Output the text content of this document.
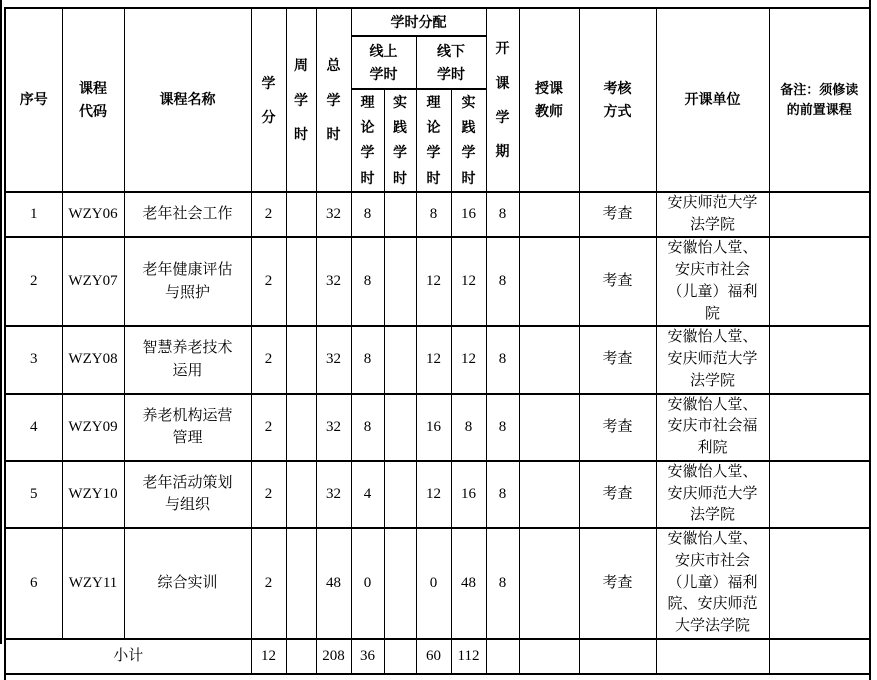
序号	课程代码	课程名称	学分	周学时	总学时	学时分配				开课学期	授课教师	考核方式	开课单位	备注：须修读的前置课程
						线上学时		线下学时						
						理论学时	实践学时	理论学时	实践学时					
1	WZY06	老年社会工作	2		32	8		8	16	8		考查	安庆师范大学法学院	
2	WZY07	老年健康评估与照护	2		32	8		12	12	8		考查	安徽怡人堂、安庆市社会（儿童）福利院	
3	WZY08	智慧养老技术运用	2		32	8		12	12	8		考查	安徽怡人堂、安庆师范大学法学院	
4	WZY09	养老机构运营管理	2		32	8		16	8	8		考查	安徽怡人堂、安庆市社会福利院	
5	WZY10	老年活动策划与组织	2		32	4		12	16	8		考查	安徽怡人堂、安庆师范大学法学院	
6	WZY11	综合实训	2		48	0		0	48	8		考查	安徽怡人堂、安庆市社会（儿童）福利院、安庆师范大学法学院	
小计			12		208	36		60	112					
